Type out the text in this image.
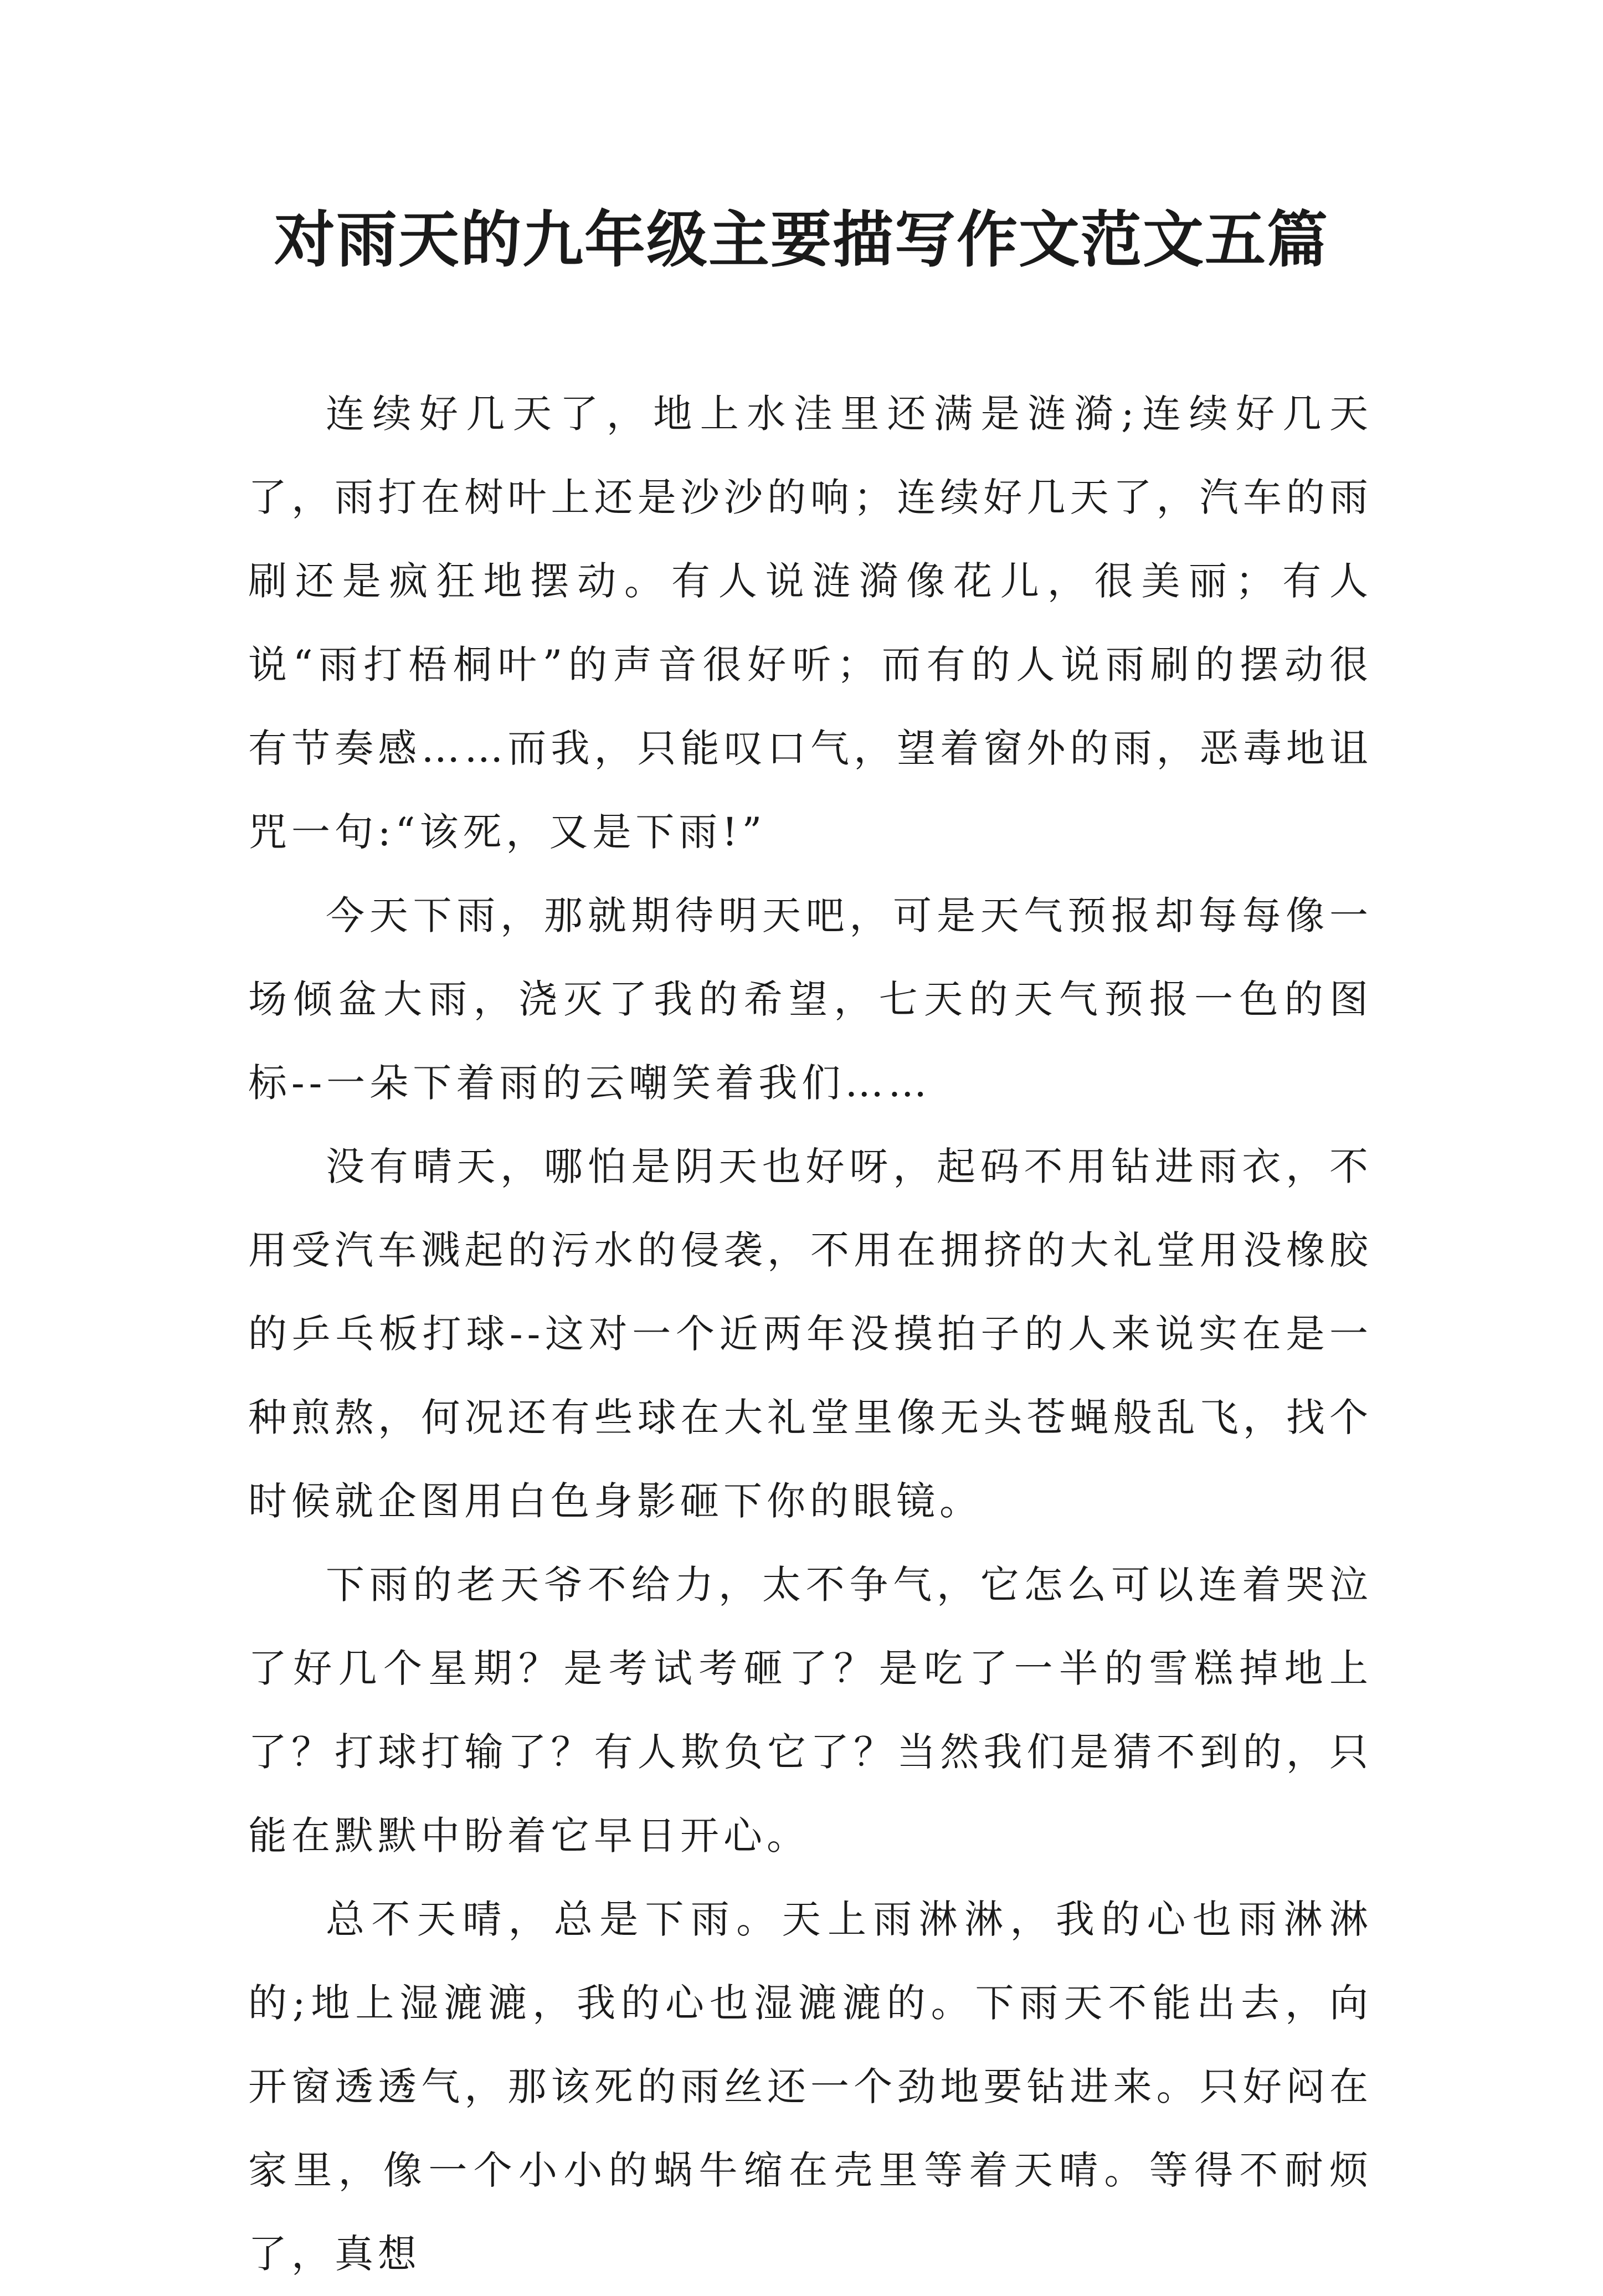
对雨天的九年级主要描写作文范文五篇

连续好几天了，地上水洼里还满是涟漪;连续好几天了，雨打在树叶上还是沙沙的响；连续好几天了，汽车的雨刷还是疯狂地摆动。有人说涟漪像花儿，很美丽；有人说“雨打梧桐叶”的声音很好听；而有的人说雨刷的摆动很有节奏感……而我，只能叹口气，望着窗外的雨，恶毒地诅咒一句:“该死，又是下雨!”

今天下雨，那就期待明天吧，可是天气预报却每每像一场倾盆大雨，浇灭了我的希望，七天的天气预报一色的图标--一朵下着雨的云嘲笑着我们……

没有晴天，哪怕是阴天也好呀，起码不用钻进雨衣，不用受汽车溅起的污水的侵袭，不用在拥挤的大礼堂用没橡胶的乒乓板打球--这对一个近两年没摸拍子的人来说实在是一种煎熬，何况还有些球在大礼堂里像无头苍蝇般乱飞，找个时候就企图用白色身影砸下你的眼镜。

下雨的老天爷不给力，太不争气，它怎么可以连着哭泣了好几个星期？是考试考砸了？是吃了一半的雪糕掉地上了？打球打输了？有人欺负它了？当然我们是猜不到的，只能在默默中盼着它早日开心。

总不天晴，总是下雨。天上雨淋淋，我的心也雨淋淋的;地上湿漉漉，我的心也湿漉漉的。下雨天不能出去，向开窗透透气，那该死的雨丝还一个劲地要钻进来。只好闷在家里，像一个小小的蜗牛缩在壳里等着天晴。等得不耐烦了，真想
